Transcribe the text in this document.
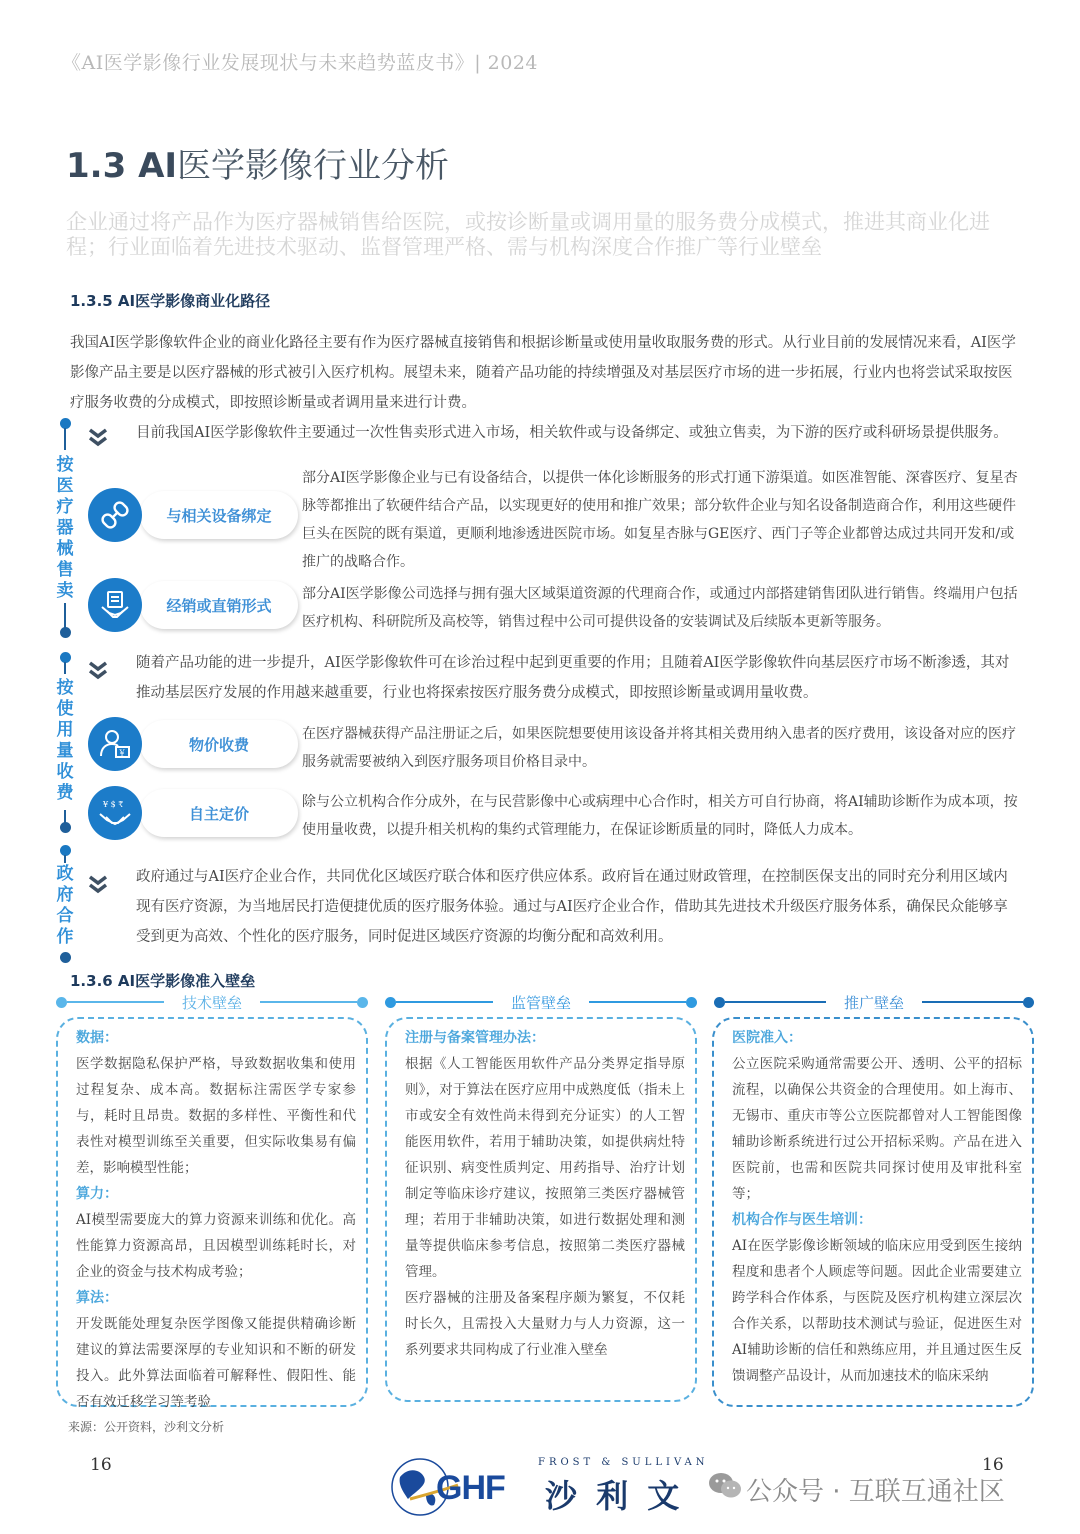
《AI医学影像行业发展现状与未来趋势蓝皮书》| 2024
1.3 AI医学影像行业分析
企业通过将产品作为医疗器械销售给医院，或按诊断量或调用量的服务费分成模式，推进其商业化进程；行业面临着先进技术驱动、监督管理严格、需与机构深度合作推广等行业壁垒
1.3.5 AI医学影像商业化路径
我国AI医学影像软件企业的商业化路径主要有作为医疗器械直接销售和根据诊断量或使用量收取服务费的形式。从行业目前的发展情况来看，AI医学影像产品主要是以医疗器械的形式被引入医疗机构。展望未来，随着产品功能的持续增强及对基层医疗市场的进一步拓展，行业内也将尝试采取按医疗服务收费的分成模式，即按照诊断量或者调用量来进行计费。
按医疗器械售卖
目前我国AI医学影像软件主要通过一次性售卖形式进入市场，相关软件或与设备绑定、或独立售卖，为下游的医疗或科研场景提供服务。
与相关设备绑定
部分AI医学影像企业与已有设备结合，以提供一体化诊断服务的形式打通下游渠道。如医准智能、深睿医疗、复星杏脉等都推出了软硬件结合产品，以实现更好的使用和推广效果；部分软件企业与知名设备制造商合作，利用这些硬件巨头在医院的既有渠道，更顺利地渗透进医院市场。如复星杏脉与GE医疗、西门子等企业都曾达成过共同开发和/或推广的战略合作。
经销或直销形式
部分AI医学影像公司选择与拥有强大区域渠道资源的代理商合作，或通过内部搭建销售团队进行销售。终端用户包括医疗机构、科研院所及高校等，销售过程中公司可提供设备的安装调试及后续版本更新等服务。
按使用量收费
随着产品功能的进一步提升，AI医学影像软件可在诊治过程中起到更重要的作用；且随着AI医学影像软件向基层医疗市场不断渗透，其对推动基层医疗发展的作用越来越重要，行业也将探索按医疗服务费分成模式，即按照诊断量或调用量收费。
物价收费
¥
在医疗器械获得产品注册证之后，如果医院想要使用该设备并将其相关费用纳入患者的医疗费用，该设备对应的医疗服务就需要被纳入到医疗服务项目价格目录中。
自主定价
¥ $ ₹	除与公立机构合作分成外，在与民营影像中心或病理中心合作时，相关方可自行协商，将AI辅助诊断作为成本项，按使用量收费，以提升相关机构的集约式管理能力，在保证诊断质量的同时，降低人力成本。
政府合作
政府通过与AI医疗企业合作，共同优化区域医疗联合体和医疗供应体系。政府旨在通过财政管理，在控制医保支出的同时充分利用区域内现有医疗资源，为当地居民打造便捷优质的医疗服务体验。通过与AI医疗企业合作，借助其先进技术升级医疗服务体系，确保民众能够享受到更为高效、个性化的医疗服务，同时促进区域医疗资源的均衡分配和高效利用。
1.3.6 AI医学影像准入壁垒
技术壁垒
数据：
医学数据隐私保护严格，导致数据收集和使用过程复杂、成本高。数据标注需医学专家参与，耗时且昂贵。数据的多样性、平衡性和代表性对模型训练至关重要，但实际收集易有偏差，影响模型性能；
算力：
AI模型需要庞大的算力资源来训练和优化。高性能算力资源高昂，且因模型训练耗时长，对企业的资金与技术构成考验；
算法：
开发既能处理复杂医学图像又能提供精确诊断建议的算法需要深厚的专业知识和不断的研发投入。此外算法面临着可解释性、假阳性、能否有效迁移学习等考验
监管壁垒
注册与备案管理办法：
根据《人工智能医用软件产品分类界定指导原则》，对于算法在医疗应用中成熟度低（指未上市或安全有效性尚未得到充分证实）的人工智能医用软件，若用于辅助决策，如提供病灶特征识别、病变性质判定、用药指导、治疗计划制定等临床诊疗建议，按照第三类医疗器械管理；若用于非辅助决策，如进行数据处理和测量等提供临床参考信息，按照第二类医疗器械管理。
医疗器械的注册及备案程序颇为繁复，不仅耗时长久，且需投入大量财力与人力资源，这一系列要求共同构成了行业准入壁垒
推广壁垒
医院准入：
公立医院采购通常需要公开、透明、公平的招标流程，以确保公共资金的合理使用。如上海市、无锡市、重庆市等公立医院都曾对人工智能图像辅助诊断系统进行过公开招标采购。产品在进入医院前，也需和医院共同探讨使用及审批科室等；
机构合作与医生培训：
AI在医学影像诊断领域的临床应用受到医生接纳程度和患者个人顾虑等问题。因此企业需要建立跨学科合作体系，与医院及医疗机构建立深层次合作关系，以帮助技术测试与验证，促进医生对AI辅助诊断的信任和熟练应用，并且通过医生反馈调整产品设计，从而加速技术的临床采纳
来源：公开资料，沙利文分析
16	16
GHF
FROST & SULLIVAN
沙 利 文 公众号 · 互联互通社区
